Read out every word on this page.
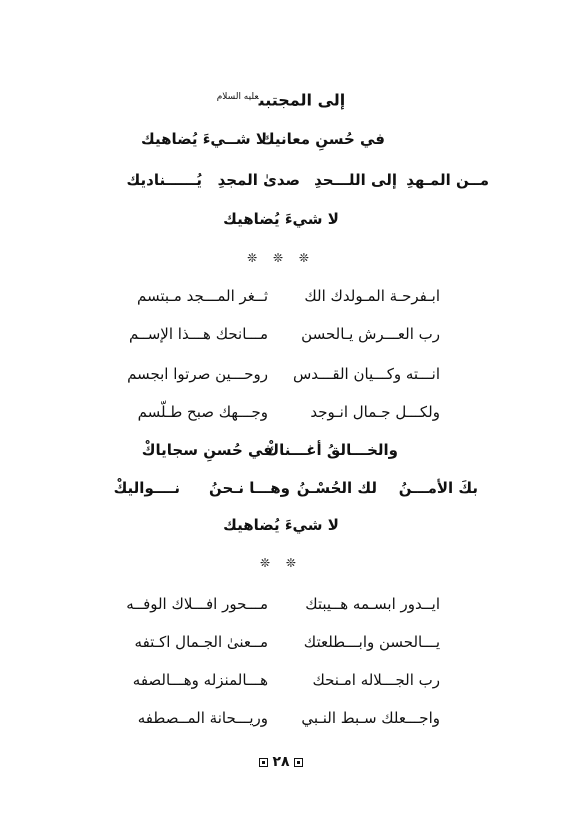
إلى المجتبى$^{عليه السلام}$
في حُسنِ معانيك
لا شــيءَ يُضاهيك
مــن المـهدِ
إلى اللـــحدِ
صدىٰ المجدِ
يُــــــناديك
لا شيءَ يُضاهيك
❊ ❊ ❊
ابـفرحـة المـولدك الك
ثــغر المـــجد مـبتسم
رب العـــرش يـالحسن
مـــانحك هـــذا الإســم
انـــته وكـــيان القـــدس
روحـــين صرتوا ابجسم
ولكـــل جـمال انـوجد
وجـــهك صبح طـلّسم
والخـــالقُ أغـــناكْ
في حُسنِ سجاياكْ
بكَ الأمـــنُ
لك الحُسْـنُ
وهـــا نـحنُ
نــــواليكْ
لا شيءَ يُضاهيك
❊ ❊
ايــدور ابسـمه هــيبتك
مـــحور افـــلاك الوفــه
يـــالحسن وابـــطلعتك
مــعنىٰ الجـمال اكـتفه
رب الجـــلاله امـنحك
هـــالمنزله وهـــالصفه
واجـــعلك سـبط النـبي
وريـــحانة المــصطفه
٢٨
